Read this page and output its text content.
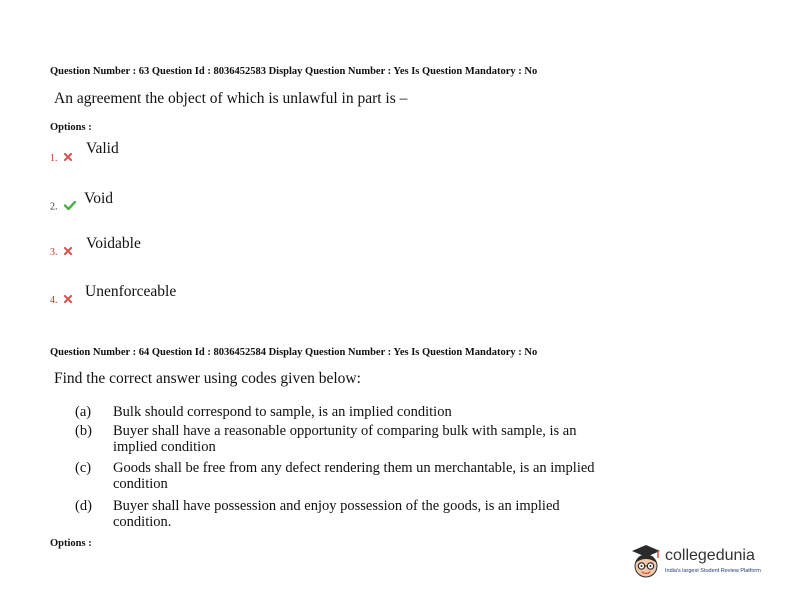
Question Number : 63 Question Id : 8036452583 Display Question Number : Yes Is Question Mandatory : No
An agreement the object of which is unlawful in part is –
Options :
1.
Valid
2.	Void
3.
Voidable
4.
Unenforceable
Question Number : 64 Question Id : 8036452584 Display Question Number : Yes Is Question Mandatory : No
Find the correct answer using codes given below:
(a)	Bulk should correspond to sample, is an implied condition
(b)	Buyer shall have a reasonable opportunity of comparing bulk with sample, is an implied condition
(c)	Goods shall be free from any defect rendering them un merchantable, is an implied condition
(d)	Buyer shall have possession and enjoy possession of the goods, is an implied condition.
Options :
collegedunia
India's largest Student Review Platform
